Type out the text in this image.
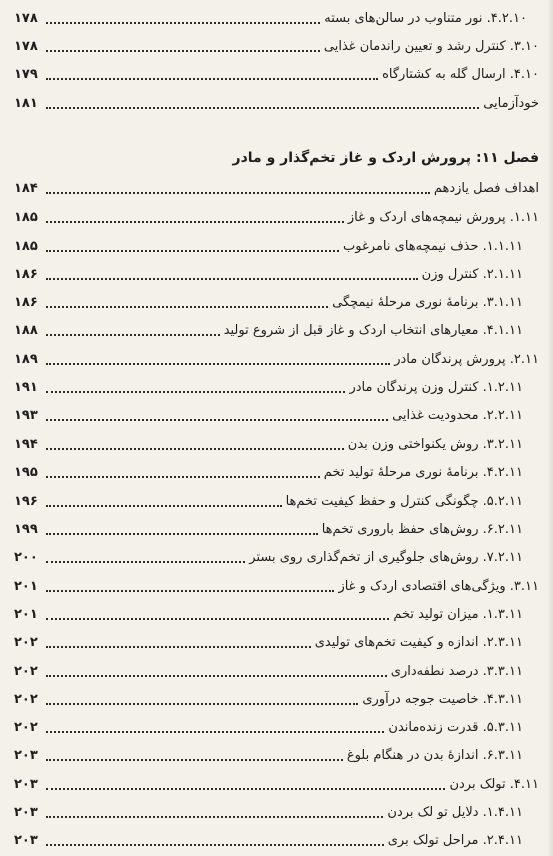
۴.۲.۱۰. نور متناوب در سالن‌های بسته
۱۷۸
۳.۱۰. کنترل رشد و تعیین راندمان غذایی
۱۷۸
۴.۱۰. ارسال گله به کشتارگاه
۱۷۹
خودآزمایی
۱۸۱
فصل ۱۱: پرورش اردک و غاز تخم‌گذار و مادر
اهداف فصل یازدهم
۱۸۴
۱.۱۱. پرورش نیمچه‌های اردک و غاز
۱۸۵
۱.۱.۱۱. حذف نیمچه‌های نامرغوب
۱۸۵
۲.۱.۱۱. کنترل وزن
۱۸۶
۳.۱.۱۱. برنامهٔ نوری مرحلهٔ نیمچگی
۱۸۶
۴.۱.۱۱. معیارهای انتخاب اردک و غاز قبل از شروع تولید
۱۸۸
۲.۱۱. پرورش پرندگان مادر
۱۸۹
۱.۲.۱۱. کنترل وزن پرندگان مادر
۱۹۱
۲.۲.۱۱. محدودیت غذایی
۱۹۳
۳.۲.۱۱. روش یکنواختی وزن بدن
۱۹۴
۴.۲.۱۱. برنامهٔ نوری مرحلهٔ تولید تخم
۱۹۵
۵.۲.۱۱. چگونگی کنترل و حفظ کیفیت تخم‌ها
۱۹۶
۶.۲.۱۱. روش‌های حفظ باروری تخم‌ها
۱۹۹
۷.۲.۱۱. روش‌های جلوگیری از تخم‌گذاری روی بستر
۲۰۰
۳.۱۱. ویژگی‌های اقتصادی اردک و غاز
۲۰۱
۱.۳.۱۱. میزان تولید تخم
۲۰۱
۲.۳.۱۱. اندازه و کیفیت تخم‌های تولیدی
۲۰۲
۳.۳.۱۱. درصد نطفه‌داری
۲۰۲
۴.۳.۱۱. خاصیت جوجه درآوری
۲۰۲
۵.۳.۱۱. قدرت زنده‌ماندن
۲۰۲
۶.۳.۱۱. اندازهٔ بدن در هنگام بلوغ
۲۰۳
۴.۱۱. تولک بردن
۲۰۳
۱.۴.۱۱. دلایل تو لک بردن
۲۰۳
۲.۴.۱۱. مراحل تولک بری
۲۰۳
